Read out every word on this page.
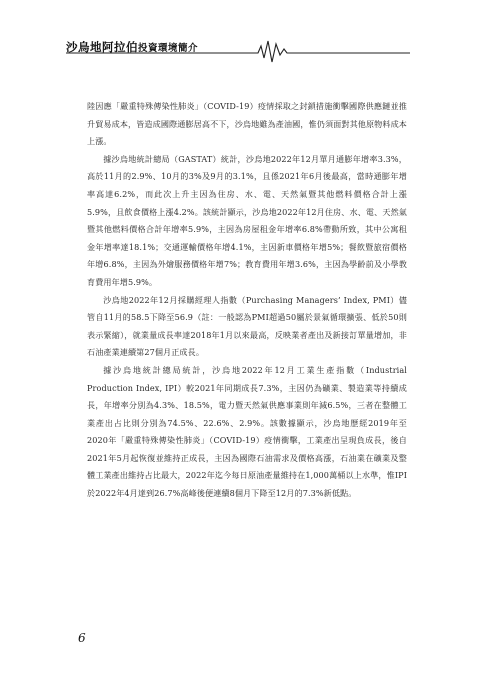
沙烏地阿拉伯投資環境簡介

陸因應「嚴重特殊傳染性肺炎」（COVID-19）疫情採取之封鎖措施衝擊國際供應鏈並推升貿易成本，皆造成國際通膨居高不下，沙烏地雖為產油國，惟仍須面對其他原物料成本上漲。

據沙烏地統計總局（GASTAT）統計，沙烏地2022年12月單月通膨年增率3.3%，高於11月的2.9%、10月的3%及9月的3.1%，且係2021年6月後最高，當時通膨年增率高達6.2%，而此次上升主因為住房、水、電、天然氣暨其他燃料價格合計上漲5.9%，且飲食價格上漲4.2%。該統計顯示，沙烏地2022年12月住房、水、電、天然氣暨其他燃料價格合計年增率5.9%，主因為房屋租金年增率6.8%帶動所致，其中公寓租金年增率達18.1%；交通運輸價格年增4.1%，主因新車價格年增5%；餐飲暨旅宿價格年增6.8%，主因為外燴服務價格年增7%；教育費用年增3.6%，主因為學齡前及小學教育費用年增5.9%。

沙烏地2022年12月採購經理人指數（Purchasing Managers’ Index, PMI）儘管自11月的58.5下降至56.9（註：一般認為PMI超過50屬於景氣循環擴張、低於50則表示緊縮），就業量成長率達2018年1月以來最高，反映業者產出及新接訂單量增加，非石油產業連續第27個月正成長。

據沙烏地統計總局統計，沙烏地2022年12月工業生產指數（Industrial Production Index, IPI）較2021年同期成長7.3%，主因仍為礦業、製造業等持續成長，年增率分別為4.3%、18.5%，電力暨天然氣供應事業則年減6.5%，三者在整體工業產出占比則分別為74.5%、22.6%、2.9%。該數據顯示，沙烏地歷經2019年至2020年「嚴重特殊傳染性肺炎」（COVID-19）疫情衝擊，工業產出呈現負成長，後自2021年5月起恢復並維持正成長，主因為國際石油需求及價格高漲，石油業在礦業及整體工業產出維持占比最大，2022年迄今每日原油產量維持在1,000萬桶以上水準，惟IPI於2022年4月達到26.7%高峰後便連續8個月下降至12月的7.3%新低點。

6
